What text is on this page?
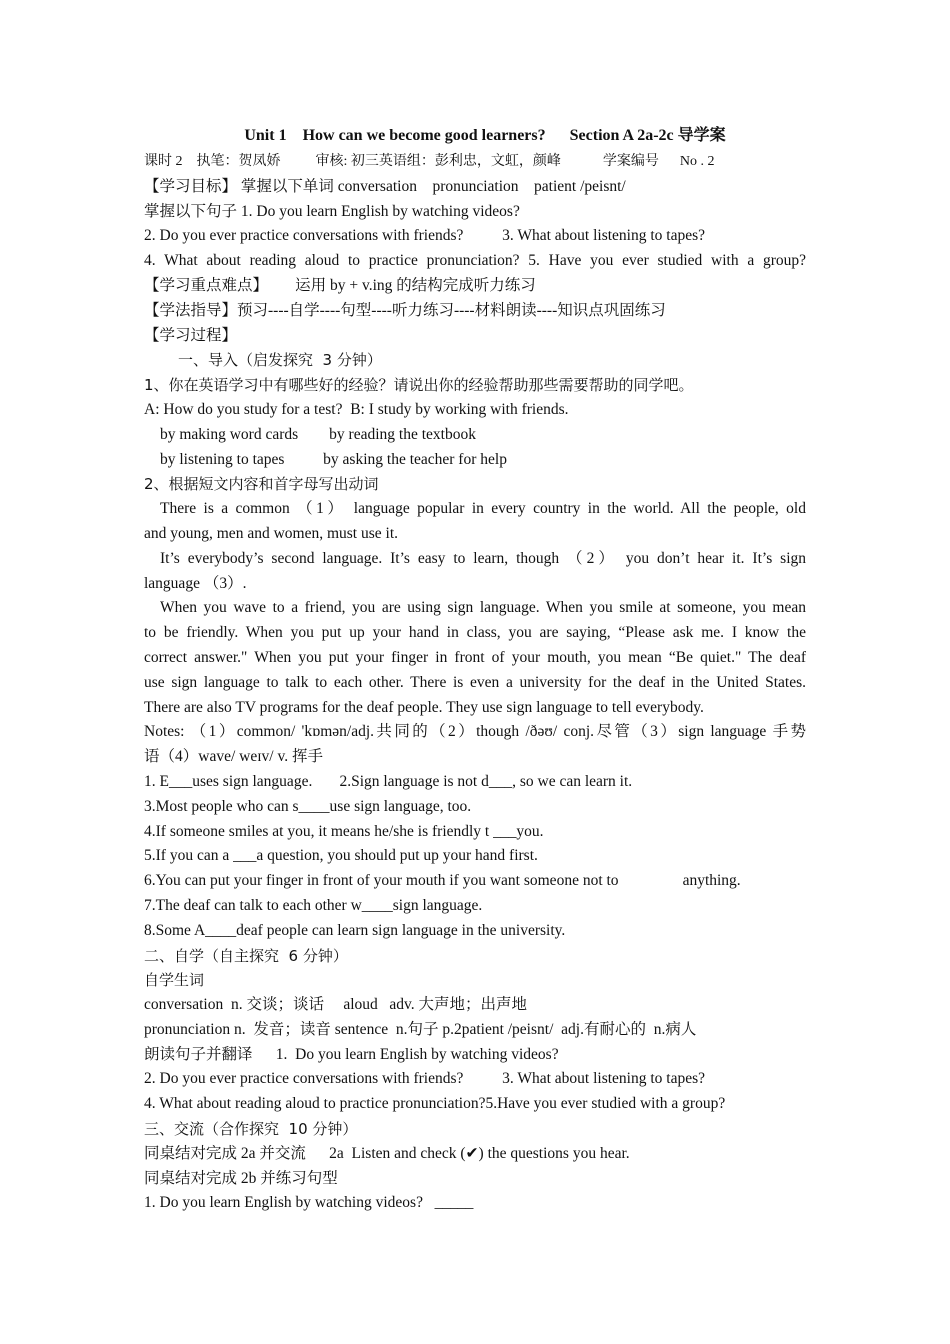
Unit 1    How can we become good learners?      Section A 2a-2c 导学案
课时 2    执笔：贺凤娇          审核: 初三英语组：彭利忠，文虹，颜峰            学案编号      No . 2
【学习目标】 掌握以下单词 conversation    pronunciation    patient /peisnt/
掌握以下句子 1. Do you learn English by watching videos?
2. Do you ever practice conversations with friends?          3. What about listening to tapes?
4. What about reading aloud to practice pronunciation? 5. Have you ever studied with a group?
【学习重点难点】       运用 by + v.ing 的结构完成听力练习
【学法指导】预习----自学----句型----听力练习----材料朗读----知识点巩固练习
【学习过程】
一、导入（启发探究  3 分钟）
1、你在英语学习中有哪些好的经验？请说出你的经验帮助那些需要帮助的同学吧。
A: How do you study for a test?  B: I study by working with friends.
by making word cards        by reading the textbook
by listening to tapes          by asking the teacher for help
2、根据短文内容和首字母写出动词
There is a common （1） language popular in every country in the world. All the people, old
and young, men and women, must use it.
It’s everybody’s second language. It’s easy to learn, though （2） you don’t hear it. It’s sign
language （3）.
When you wave to a friend, you are using sign language. When you smile at someone, you mean
to be friendly. When you put up your hand in class, you are saying, “Please ask me. I know the
correct answer." When you put your finger in front of your mouth, you mean “Be quiet." The deaf
use sign language to talk to each other. There is even a university for the deaf in the United States.
There are also TV programs for the deaf people. They use sign language to tell everybody.
Notes: （1）common/ 'kɒmən/adj.共同的（2）though /ðəʊ/ conj.尽管（3）sign language 手势
语（4）wave/ weɪv/ v. 挥手
1. E___uses sign language.       2.Sign language is not d___, so we can learn it.
3.Most people who can s____use sign language, too.
4.If someone smiles at you, it means he/she is friendly t ___you.
5.If you can a ___a question, you should put up your hand first.
6.You can put your finger in front of your mouth if you want someone not to	anything.
7.The deaf can talk to each other w____sign language.
8.Some A____deaf people can learn sign language in the university.
二、自学（自主探究  6 分钟）
自学生词
conversation  n. 交谈；谈话     aloud   adv. 大声地；出声地
pronunciation n.  发音；读音 sentence  n.句子 p.2patient /peisnt/  adj.有耐心的  n.病人
朗读句子并翻译      1.  Do you learn English by watching videos?
2. Do you ever practice conversations with friends?          3. What about listening to tapes?
4. What about reading aloud to practice pronunciation?5.Have you ever studied with a group?
三、交流（合作探究  10 分钟）
同桌结对完成 2a 并交流      2a  Listen and check (✔) the questions you hear.
同桌结对完成 2b 并练习句型
1. Do you learn English by watching videos?   _____
